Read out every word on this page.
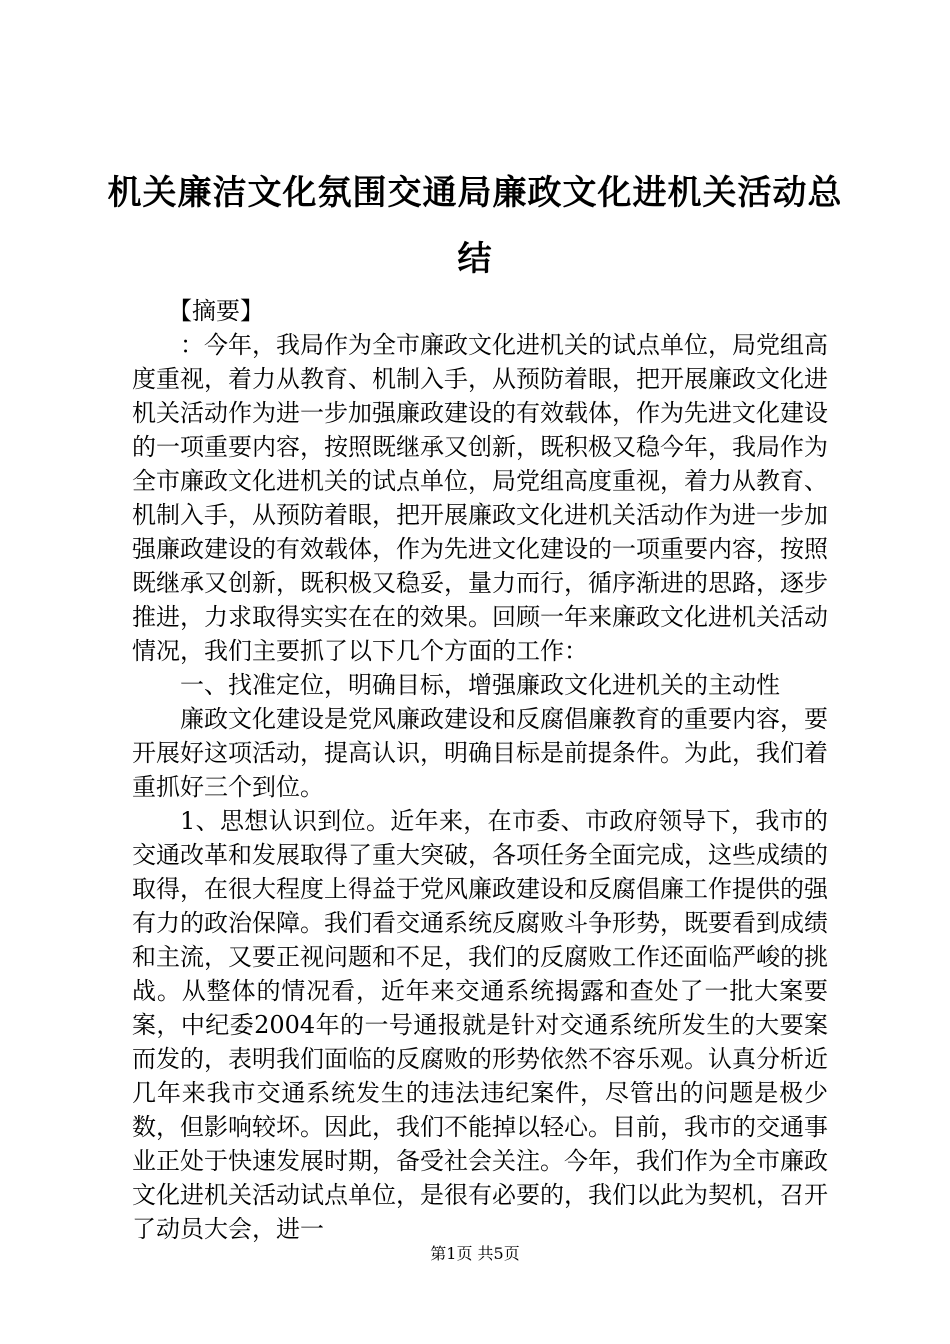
机关廉洁文化氛围交通局廉政文化进机关活动总结

【摘要】

：今年，我局作为全市廉政文化进机关的试点单位，局党组高度重视，着力从教育、机制入手，从预防着眼，把开展廉政文化进机关活动作为进一步加强廉政建设的有效载体，作为先进文化建设的一项重要内容，按照既继承又创新，既积极又稳今年，我局作为全市廉政文化进机关的试点单位，局党组高度重视，着力从教育、机制入手，从预防着眼，把开展廉政文化进机关活动作为进一步加强廉政建设的有效载体，作为先进文化建设的一项重要内容，按照既继承又创新，既积极又稳妥，量力而行，循序渐进的思路，逐步推进，力求取得实实在在的效果。回顾一年来廉政文化进机关活动情况，我们主要抓了以下几个方面的工作：

一、找准定位，明确目标，增强廉政文化进机关的主动性

廉政文化建设是党风廉政建设和反腐倡廉教育的重要内容，要开展好这项活动，提高认识，明确目标是前提条件。为此，我们着重抓好三个到位。

1、思想认识到位。近年来，在市委、市政府领导下，我市的交通改革和发展取得了重大突破，各项任务全面完成，这些成绩的取得，在很大程度上得益于党风廉政建设和反腐倡廉工作提供的强有力的政治保障。我们看交通系统反腐败斗争形势，既要看到成绩和主流，又要正视问题和不足，我们的反腐败工作还面临严峻的挑战。从整体的情况看，近年来交通系统揭露和查处了一批大案要案，中纪委2004年的一号通报就是针对交通系统所发生的大要案而发的，表明我们面临的反腐败的形势依然不容乐观。认真分析近几年来我市交通系统发生的违法违纪案件，尽管出的问题是极少数，但影响较坏。因此，我们不能掉以轻心。目前，我市的交通事业正处于快速发展时期，备受社会关注。今年，我们作为全市廉政文化进机关活动试点单位，是很有必要的，我们以此为契机，召开了动员大会，进一

第1页 共5页
